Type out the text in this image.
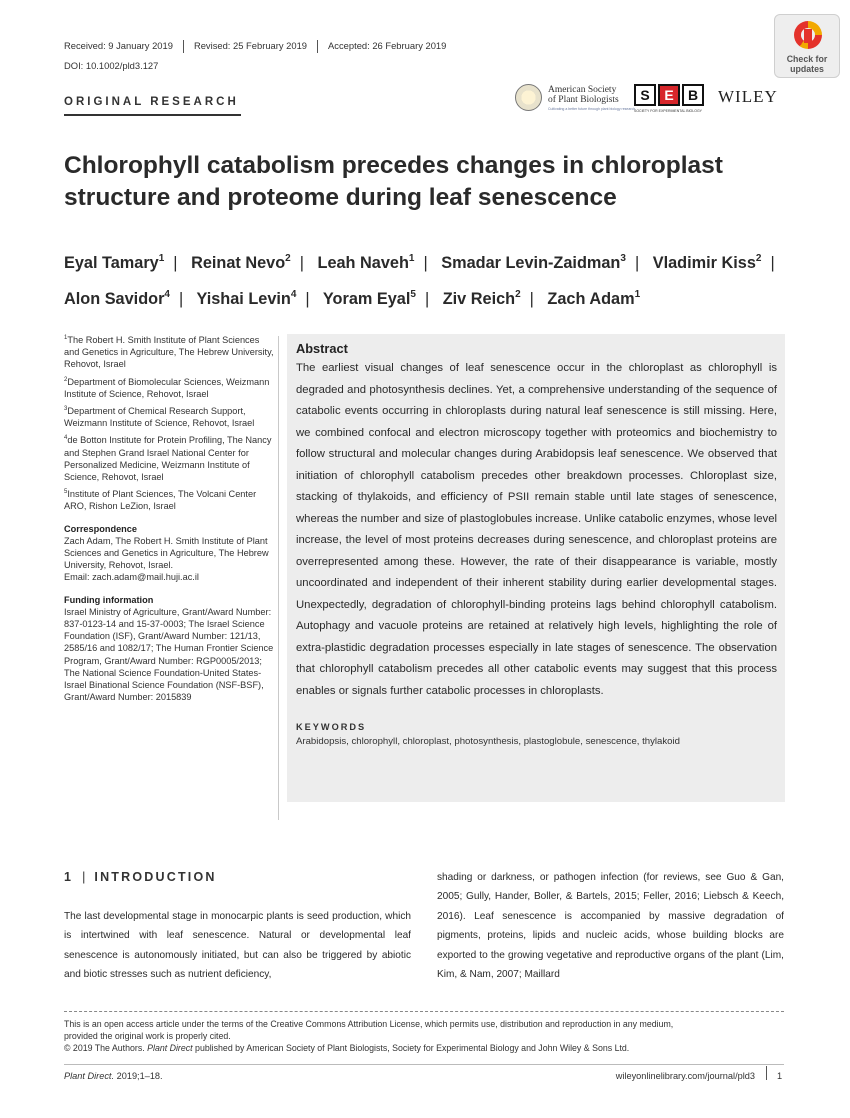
Received: 9 January 2019 Revised: 25 February 2019 Accepted: 26 February 2019
DOI: 10.1002/pld3.127
ORIGINAL RESEARCH
Check for
updates
American Society
of Plant Biologists
Cultivating a better future through plant biology research
S	E	B
SOCIETY FOR EXPERIMENTAL BIOLOGY
WILEY
Chlorophyll catabolism precedes changes in chloroplast
structure and proteome during leaf senescence
Eyal Tamary$^1$ | Reinat Nevo$^2$ | Leah Naveh$^1$ | Smadar Levin-Zaidman$^3$ | Vladimir Kiss$^2$ |
Alon Savidor$^4$ | Yishai Levin$^4$ | Yoram Eyal$^5$ | Ziv Reich$^2$ | Zach Adam$^1$
$^1$The Robert H. Smith Institute of Plant Sciences and Genetics in Agriculture, The Hebrew University, Rehovot, Israel
$^2$Department of Biomolecular Sciences, Weizmann Institute of Science, Rehovot, Israel
$^3$Department of Chemical Research Support, Weizmann Institute of Science, Rehovot, Israel
$^4$de Botton Institute for Protein Profiling, The Nancy and Stephen Grand Israel National Center for Personalized Medicine, Weizmann Institute of Science, Rehovot, Israel
$^5$Institute of Plant Sciences, The Volcani Center ARO, Rishon LeZion, Israel
Correspondence
Zach Adam, The Robert H. Smith Institute of Plant Sciences and Genetics in Agriculture, The Hebrew University, Rehovot, Israel.
Email: zach.adam@mail.huji.ac.il
Funding information
Israel Ministry of Agriculture, Grant/Award Number: 837-0123-14 and 15-37-0003; The Israel Science Foundation (ISF), Grant/Award Number: 121/13, 2585/16 and 1082/17; The Human Frontier Science Program, Grant/Award Number: RGP0005/2013; The National Science Foundation-United States-Israel Binational Science Foundation (NSF-BSF), Grant/Award Number: 2015839
Abstract
The earliest visual changes of leaf senescence occur in the chloroplast as chlorophyll is degraded and photosynthesis declines. Yet, a comprehensive understanding of the sequence of catabolic events occurring in chloroplasts during natural leaf senescence is still missing. Here, we combined confocal and electron microscopy together with proteomics and biochemistry to follow structural and molecular changes during Arabidopsis leaf senescence. We observed that initiation of chlorophyll catabolism precedes other breakdown processes. Chloroplast size, stacking of thylakoids, and efficiency of PSII remain stable until late stages of senescence, whereas the number and size of plastoglobules increase. Unlike catabolic enzymes, whose level increase, the level of most proteins decreases during senescence, and chloroplast proteins are overrepresented among these. However, the rate of their disappearance is variable, mostly uncoordinated and independent of their inherent stability during earlier developmental stages. Unexpectedly, degradation of chlorophyll-binding proteins lags behind chlorophyll catabolism. Autophagy and vacuole proteins are retained at relatively high levels, highlighting the role of extra-plastidic degradation processes especially in late stages of senescence. The observation that chlorophyll catabolism precedes all other catabolic events may suggest that this process enables or signals further catabolic processes in chloroplasts.
KEYWORDS
Arabidopsis, chlorophyll, chloroplast, photosynthesis, plastoglobule, senescence, thylakoid
1 | INTRODUCTION
The last developmental stage in monocarpic plants is seed production, which is intertwined with leaf senescence. Natural or developmental leaf senescence is autonomously initiated, but can also be triggered by abiotic and biotic stresses such as nutrient deficiency,
shading or darkness, or pathogen infection (for reviews, see Guo & Gan, 2005; Gully, Hander, Boller, & Bartels, 2015; Feller, 2016; Liebsch & Keech, 2016). Leaf senescence is accompanied by massive degradation of pigments, proteins, lipids and nucleic acids, whose building blocks are exported to the growing vegetative and reproductive organs of the plant (Lim, Kim, & Nam, 2007; Maillard
This is an open access article under the terms of the Creative Commons Attribution License, which permits use, distribution and reproduction in any medium,
provided the original work is properly cited.
© 2019 The Authors. Plant Direct published by American Society of Plant Biologists, Society for Experimental Biology and John Wiley & Sons Ltd.
Plant Direct. 2019;1–18.	wileyonlinelibrary.com/journal/pld3 1
